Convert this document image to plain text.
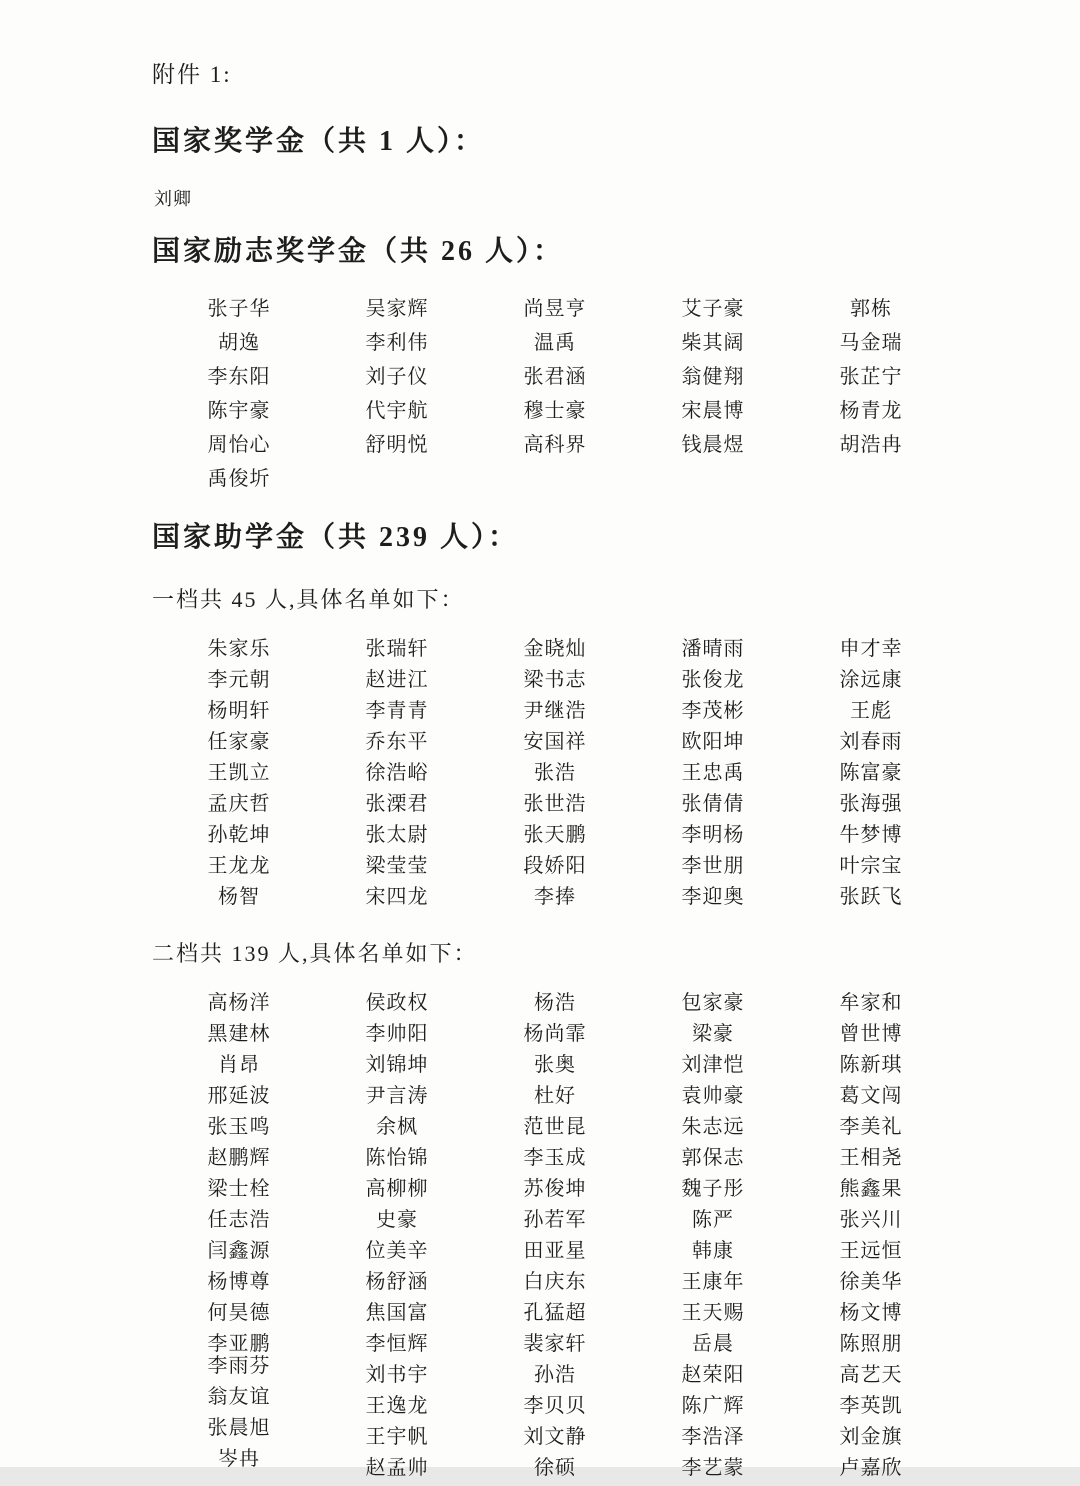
附件 1:
国家奖学金（共 1 人）：
刘卿
国家励志奖学金（共 26 人）：
张子华	吴家辉	尚昱亨	艾子豪	郭栋
胡逸	李利伟	温禹	柴其阔	马金瑞
李东阳	刘子仪	张君涵	翁健翔	张芷宁
陈宇豪	代宇航	穆士豪	宋晨博	杨青龙
周怡心	舒明悦	高科界	钱晨煜	胡浩冉
禹俊圻
国家助学金（共 239 人）：
一档共 45 人,具体名单如下：
朱家乐	张瑞轩	金晓灿	潘晴雨	申才幸
李元朝	赵进江	梁书志	张俊龙	涂远康
杨明轩	李青青	尹继浩	李茂彬	王彪
任家豪	乔东平	安国祥	欧阳坤	刘春雨
王凯立	徐浩峪	张浩	王忠禹	陈富豪
孟庆哲	张溧君	张世浩	张倩倩	张海强
孙乾坤	张太尉	张天鹏	李明杨	牛梦博
王龙龙	梁莹莹	段娇阳	李世朋	叶宗宝
杨智	宋四龙	李捧	李迎奥	张跃飞
二档共 139 人,具体名单如下：
高杨洋	侯政权	杨浩	包家豪	牟家和
黑建林	李帅阳	杨尚霏	梁豪	曾世博
肖昂	刘锦坤	张奥	刘津恺	陈新琪
邢延波	尹言涛	杜好	袁帅豪	葛文闯
张玉鸣	余枫	范世昆	朱志远	李美礼
赵鹏辉	陈怡锦	李玉成	郭保志	王相尧
梁士栓	高柳柳	苏俊坤	魏子彤	熊鑫果
任志浩	史豪	孙若军	陈严	张兴川
闫鑫源	位美辛	田亚星	韩康	王远恒
杨博尊	杨舒涵	白庆东	王康年	徐美华
何昊德	焦国富	孔猛超	王天赐	杨文博
李亚鹏	李恒辉	裴家轩	岳晨	陈照朋
李雨芬	刘书宇	孙浩	赵荣阳	高艺天
翁友谊	王逸龙	李贝贝	陈广辉	李英凯
张晨旭	王宇帆	刘文静	李浩泽	刘金旗
岑冉	赵孟帅	徐硕	李艺蒙	卢嘉欣
